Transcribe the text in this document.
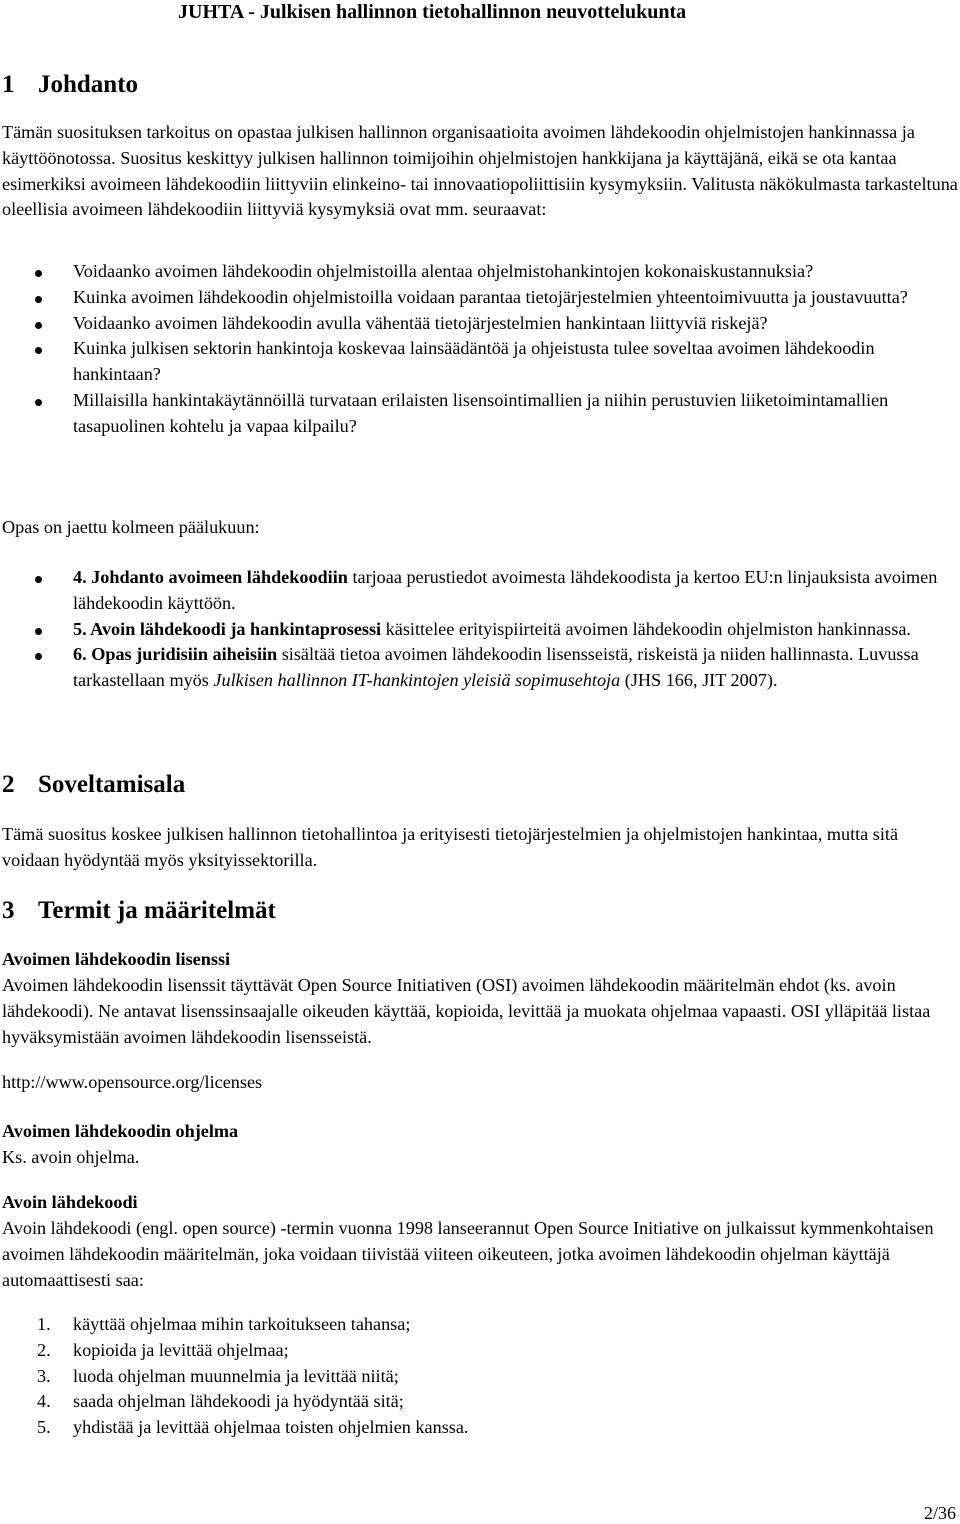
JUHTA - Julkisen hallinnon tietohallinnon neuvottelukunta
1 Johdanto
Tämän suosituksen tarkoitus on opastaa julkisen hallinnon organisaatioita avoimen lähdekoodin ohjelmistojen hankinnassa ja käyttöönotossa. Suositus keskittyy julkisen hallinnon toimijoihin ohjelmistojen hankkijana ja käyttäjänä, eikä se ota kantaa esimerkiksi avoimeen lähdekoodiin liittyviin elinkeino- tai innovaatiopoliittisiin kysymyksiin. Valitusta näkökulmasta tarkasteltuna oleellisia avoimeen lähdekoodiin liittyviä kysymyksiä ovat mm. seuraavat:
Voidaanko avoimen lähdekoodin ohjelmistoilla alentaa ohjelmistohankintojen kokonaiskustannuksia?
Kuinka avoimen lähdekoodin ohjelmistoilla voidaan parantaa tietojärjestelmien yhteentoimivuutta ja joustavuutta?
Voidaanko avoimen lähdekoodin avulla vähentää tietojärjestelmien hankintaan liittyviä riskejä?
Kuinka julkisen sektorin hankintoja koskevaa lainsäädäntöä ja ohjeistusta tulee soveltaa avoimen lähdekoodin hankintaan?
Millaisilla hankintakäytännöillä turvataan erilaisten lisensointimallien ja niihin perustuvien liiketoimintamallien tasapuolinen kohtelu ja vapaa kilpailu?
Opas on jaettu kolmeen päälukuun:
4. Johdanto avoimeen lähdekoodiin tarjoaa perustiedot avoimesta lähdekoodista ja kertoo EU:n linjauksista avoimen lähdekoodin käyttöön.
5. Avoin lähdekoodi ja hankintaprosessi käsittelee erityispiirteitä avoimen lähdekoodin ohjelmiston hankinnassa.
6. Opas juridisiin aiheisiin sisältää tietoa avoimen lähdekoodin lisensseistä, riskeistä ja niiden hallinnasta. Luvussa tarkastellaan myös Julkisen hallinnon IT-hankintojen yleisiä sopimusehtoja (JHS 166, JIT 2007).
2 Soveltamisala
Tämä suositus koskee julkisen hallinnon tietohallintoa ja erityisesti tietojärjestelmien ja ohjelmistojen hankintaa, mutta sitä voidaan hyödyntää myös yksityissektorilla.
3 Termit ja määritelmät
Avoimen lähdekoodin lisenssi
Avoimen lähdekoodin lisenssit täyttävät Open Source Initiativen (OSI) avoimen lähdekoodin määritelmän ehdot (ks. avoin lähdekoodi). Ne antavat lisenssinsaajalle oikeuden käyttää, kopioida, levittää ja muokata ohjelmaa vapaasti. OSI ylläpitää listaa hyväksymistään avoimen lähdekoodin lisensseistä.
http://www.opensource.org/licenses
Avoimen lähdekoodin ohjelma
Ks. avoin ohjelma.
Avoin lähdekoodi
Avoin lähdekoodi (engl. open source) -termin vuonna 1998 lanseerannut Open Source Initiative on julkaissut kymmenkohtaisen avoimen lähdekoodin määritelmän, joka voidaan tiivistää viiteen oikeuteen, jotka avoimen lähdekoodin ohjelman käyttäjä automaattisesti saa:
1. käyttää ohjelmaa mihin tarkoitukseen tahansa;
2. kopioida ja levittää ohjelmaa;
3. luoda ohjelman muunnelmia ja levittää niitä;
4. saada ohjelman lähdekoodi ja hyödyntää sitä;
5. yhdistää ja levittää ohjelmaa toisten ohjelmien kanssa.
2/36
